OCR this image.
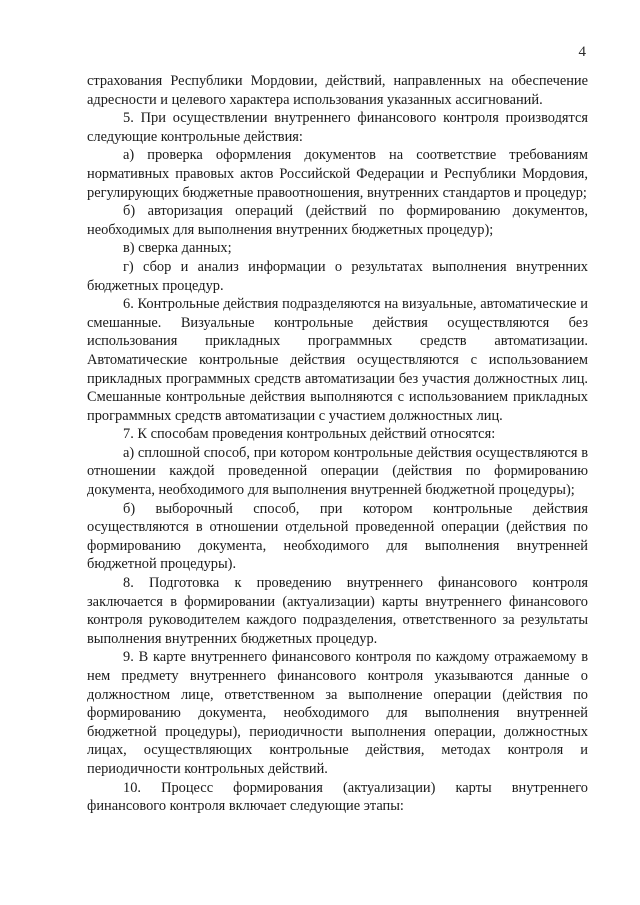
4

страхования Республики Мордовии, действий, направленных на обеспечение адресности и целевого характера использования указанных ассигнований.

5. При осуществлении внутреннего финансового контроля производятся следующие контрольные действия:

а) проверка оформления документов на соответствие требованиям нормативных правовых актов Российской Федерации и Республики Мордовия, регулирующих бюджетные правоотношения, внутренних стандартов и процедур;

б) авторизация операций (действий по формированию документов, необходимых для выполнения внутренних бюджетных процедур);

в) сверка данных;

г) сбор и анализ информации о результатах выполнения внутренних бюджетных процедур.

6. Контрольные действия подразделяются на визуальные, автоматические и смешанные. Визуальные контрольные действия осуществляются без использования прикладных программных средств автоматизации. Автоматические контрольные действия осуществляются с использованием прикладных программных средств автоматизации без участия должностных лиц. Смешанные контрольные действия выполняются с использованием прикладных программных средств автоматизации с участием должностных лиц.

7. К способам проведения контрольных действий относятся:

а) сплошной способ, при котором контрольные действия осуществляются в отношении каждой проведенной операции (действия по формированию документа, необходимого для выполнения внутренней бюджетной процедуры);

б) выборочный способ, при котором контрольные действия осуществляются в отношении отдельной проведенной операции (действия по формированию документа, необходимого для выполнения внутренней бюджетной процедуры).

8. Подготовка к проведению внутреннего финансового контроля заключается в формировании (актуализации) карты внутреннего финансового контроля руководителем каждого подразделения, ответственного за результаты выполнения внутренних бюджетных процедур.

9. В карте внутреннего финансового контроля по каждому отражаемому в нем предмету внутреннего финансового контроля указываются данные о должностном лице, ответственном за выполнение операции (действия по формированию документа, необходимого для выполнения внутренней бюджетной процедуры), периодичности выполнения операции, должностных лицах, осуществляющих контрольные действия, методах контроля и периодичности контрольных действий.

10. Процесс формирования (актуализации) карты внутреннего финансового контроля включает следующие этапы:
